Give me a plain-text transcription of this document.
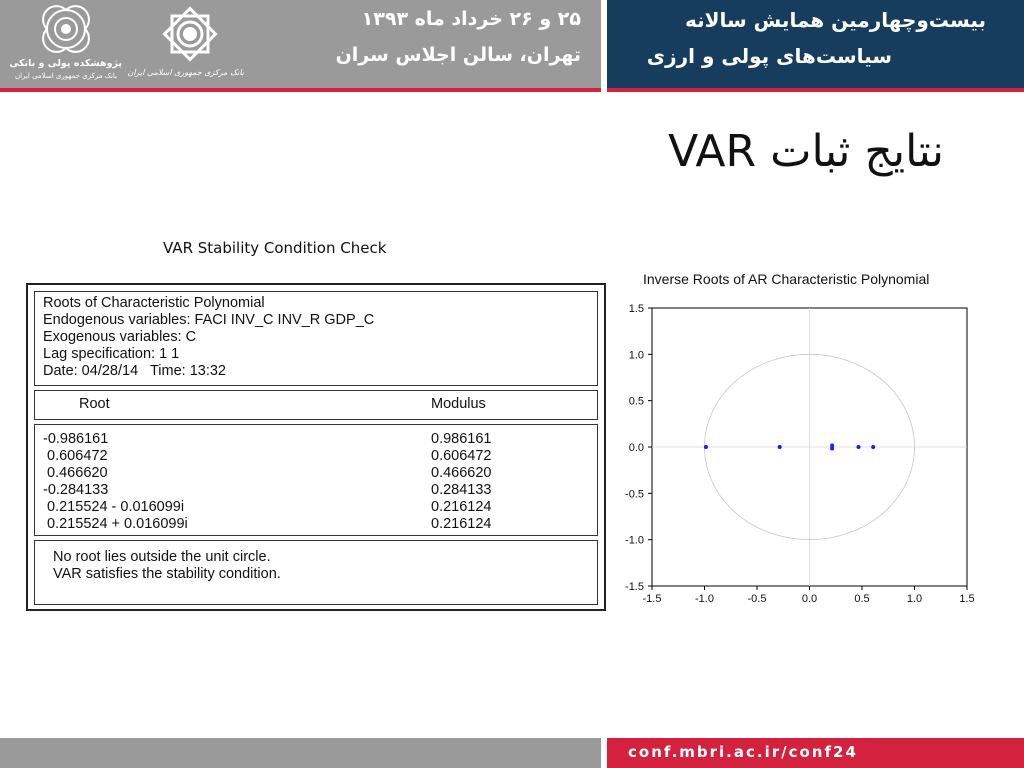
پژوهشکده پولی و بانکی
بانک مرکزی جمهوری اسلامی ایران	بانک مرکزی جمهوری اسلامی ایران
۲۵ و ۲۶ خرداد ماه ۱۳۹۳
تهران، سالن اجلاس سران
بیست‌وچهارمین همایش سالانه
سیاست‌های پولی و ارزی
نتایج ثبات VAR
VAR Stability Condition Check
Roots of Characteristic Polynomial
Endogenous variables: FACI INV_C INV_R GDP_C
Exogenous variables: C
Lag specification: 1 1
Date: 04/28/14   Time: 13:32
Root	Modulus
-0.986161	0.986161
0.606472	0.606472
0.466620	0.466620
-0.284133	0.284133
0.215524 - 0.016099i	0.216124
0.215524 + 0.016099i	0.216124
No root lies outside the unit circle.
VAR satisfies the stability condition.
Inverse Roots of AR Characteristic Polynomial
-1.5	-1.0	-0.5	0.0	0.5	1.0	1.5
1.5
1.0
0.5
0.0
-0.5
-1.0
-1.5
conf.mbri.ac.ir/conf24
